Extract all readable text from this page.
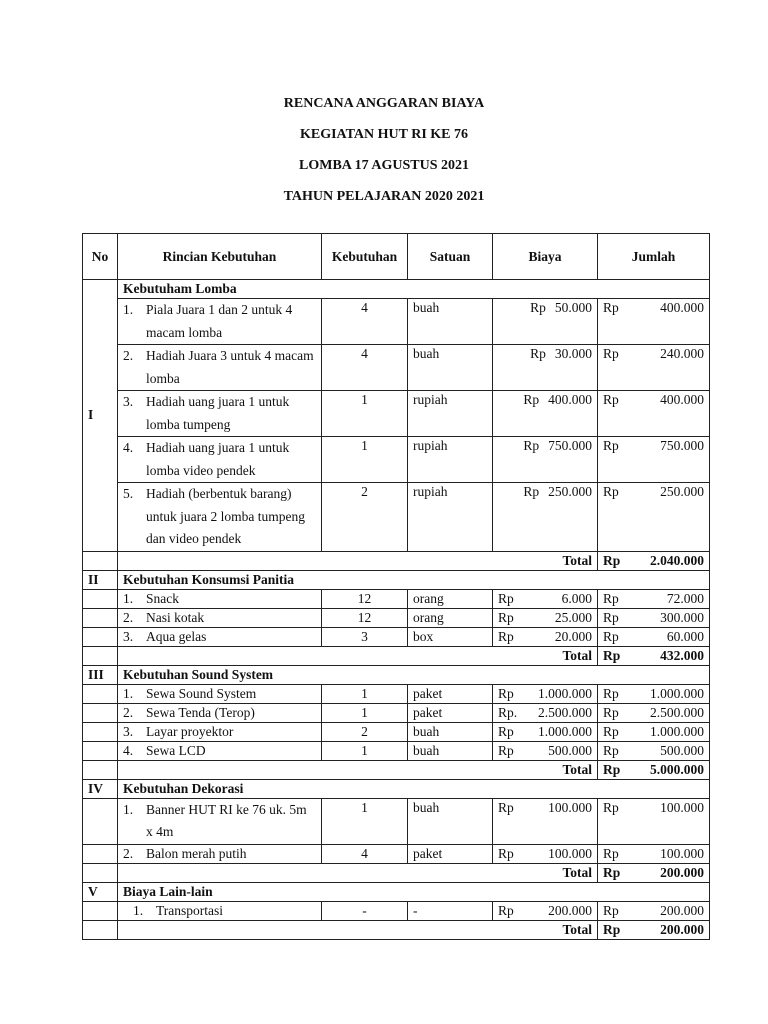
RENCANA ANGGARAN BIAYA
KEGIATAN HUT RI KE 76
LOMBA 17 AGUSTUS 2021
TAHUN PELAJARAN 2020 2021
No	Rincian Kebutuhan	Kebutuhan	Satuan	Biaya	Jumlah
I	Kebutuham Lomba				

	1. Piala Juara 1 dan 2 untuk 4 macam lomba	4	buah	Rp 50.000	Rp 400.000

	2. Hadiah Juara 3 untuk 4 macam lomba	4	buah	Rp 30.000	Rp 240.000

	3. Hadiah uang juara 1 untuk lomba tumpeng	1	rupiah	Rp 400.000	Rp 400.000

	4. Hadiah uang juara 1 untuk lomba video pendek	1	rupiah	Rp 750.000	Rp 750.000

	5. Hadiah (berbentuk barang) untuk juara 2 lomba tumpeng dan video pendek	2	rupiah	Rp 250.000	Rp 250.000

	Total				Rp 2.040.000

II	Kebutuhan Konsumsi Panitia				

	1. Snack	12	orang	Rp 6.000	Rp 72.000

	2. Nasi kotak	12	orang	Rp 25.000	Rp 300.000

	3. Aqua gelas	3	box	Rp 20.000	Rp 60.000

	Total				Rp 432.000

III	Kebutuhan Sound System				

	1. Sewa Sound System	1	paket	Rp 1.000.000	Rp 1.000.000

	2. Sewa Tenda (Terop)	1	paket	Rp. 2.500.000	Rp 2.500.000

	3. Layar proyektor	2	buah	Rp 1.000.000	Rp 1.000.000

	4. Sewa LCD	1	buah	Rp 500.000	Rp 500.000

	Total				Rp 5.000.000

IV	Kebutuhan Dekorasi				

	1. Banner HUT RI ke 76 uk. 5m x 4m	1	buah	Rp 100.000	Rp 100.000

	2. Balon merah putih	4	paket	Rp 100.000	Rp 100.000

	Total				Rp 200.000

V	Biaya Lain-lain				

	1. Transportasi	-	-	Rp 200.000	Rp 200.000

	Total				Rp 200.000
